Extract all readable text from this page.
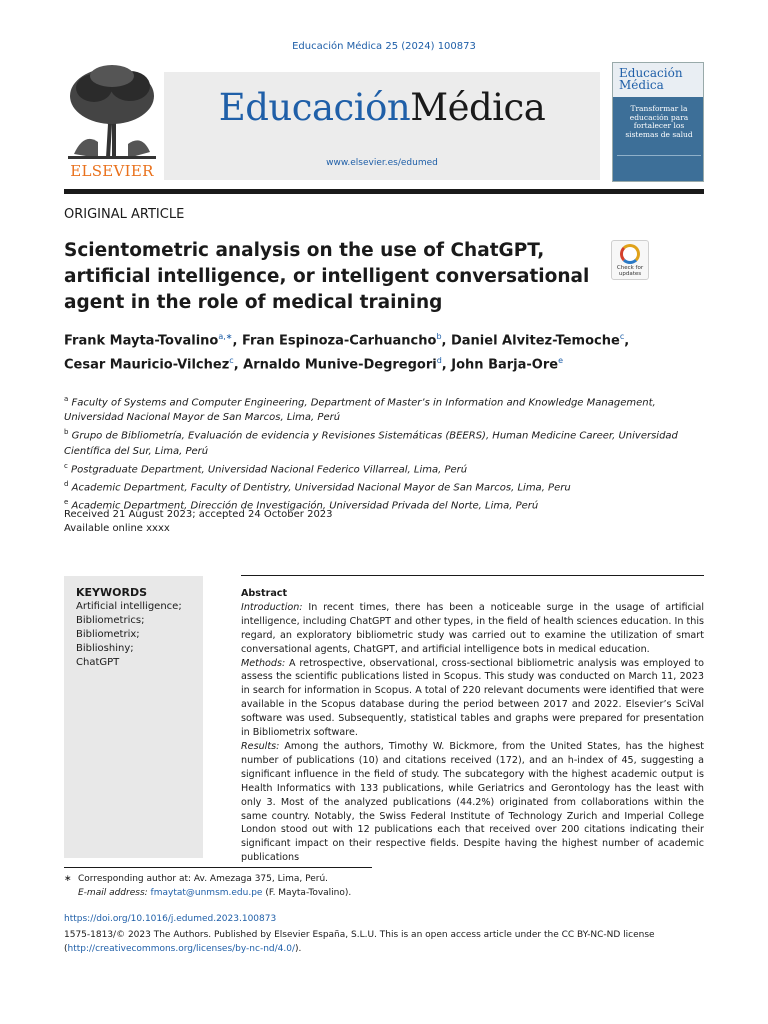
Educación Médica 25 (2024) 100873
ELSEVIER
EducaciónMédica
www.elsevier.es/edumed
Educación
Médica
Transformar la educación para fortalecer los sistemas de salud
ORIGINAL ARTICLE
Scientometric analysis on the use of ChatGPT, artificial intelligence, or intelligent conversational agent in the role of medical training
Check for
updates
Frank Mayta-Tovalino$^{a,∗}$, Fran Espinoza-Carhuancho$^b$, Daniel Alvitez-Temoche$^c$,
Cesar Mauricio-Vilchez$^c$, Arnaldo Munive-Degregori$^d$, John Barja-Ore$^e$
$^a$ Faculty of Systems and Computer Engineering, Department of Master’s in Information and Knowledge Management, Universidad Nacional Mayor de San Marcos, Lima, Perú
$^b$ Grupo de Bibliometría, Evaluación de evidencia y Revisiones Sistemáticas (BEERS), Human Medicine Career, Universidad Científica del Sur, Lima, Perú
$^c$ Postgraduate Department, Universidad Nacional Federico Villarreal, Lima, Perú
$^d$ Academic Department, Faculty of Dentistry, Universidad Nacional Mayor de San Marcos, Lima, Peru
$^e$ Academic Department, Dirección de Investigación, Universidad Privada del Norte, Lima, Perú
Received 21 August 2023; accepted 24 October 2023
Available online xxxx
KEYWORDS
Artificial intelligence;
Bibliometrics;
Bibliometrix;
Biblioshiny;
ChatGPT
Abstract
Introduction: In recent times, there has been a noticeable surge in the usage of artificial intelligence, including ChatGPT and other types, in the field of health sciences education. In this regard, an exploratory bibliometric study was carried out to examine the utilization of smart conversational agents, ChatGPT, and artificial intelligence bots in medical education.
Methods: A retrospective, observational, cross-sectional bibliometric analysis was employed to assess the scientific publications listed in Scopus. This study was conducted on March 11, 2023 in search for information in Scopus. A total of 220 relevant documents were identified that were available in the Scopus database during the period between 2017 and 2022. Elsevier’s SciVal software was used. Subsequently, statistical tables and graphs were prepared for presentation in Bibliometrix software.
Results: Among the authors, Timothy W. Bickmore, from the United States, has the highest number of publications (10) and citations received (172), and an h-index of 45, suggesting a significant influence in the field of study. The subcategory with the highest academic output is Health Informatics with 133 publications, while Geriatrics and Gerontology has the least with only 3. Most of the analyzed publications (44.2%) originated from collaborations within the same country. Notably, the Swiss Federal Institute of Technology Zurich and Imperial College London stood out with 12 publications each that received over 200 citations indicating their significant impact on their respective fields. Despite having the highest number of academic publications
∗ Corresponding author at: Av. Amezaga 375, Lima, Perú.
E-mail address: fmaytat@unmsm.edu.pe (F. Mayta-Tovalino).
https://doi.org/10.1016/j.edumed.2023.100873
1575-1813/© 2023 The Authors. Published by Elsevier España, S.L.U. This is an open access article under the CC BY-NC-ND license (http://creativecommons.org/licenses/by-nc-nd/4.0/).
